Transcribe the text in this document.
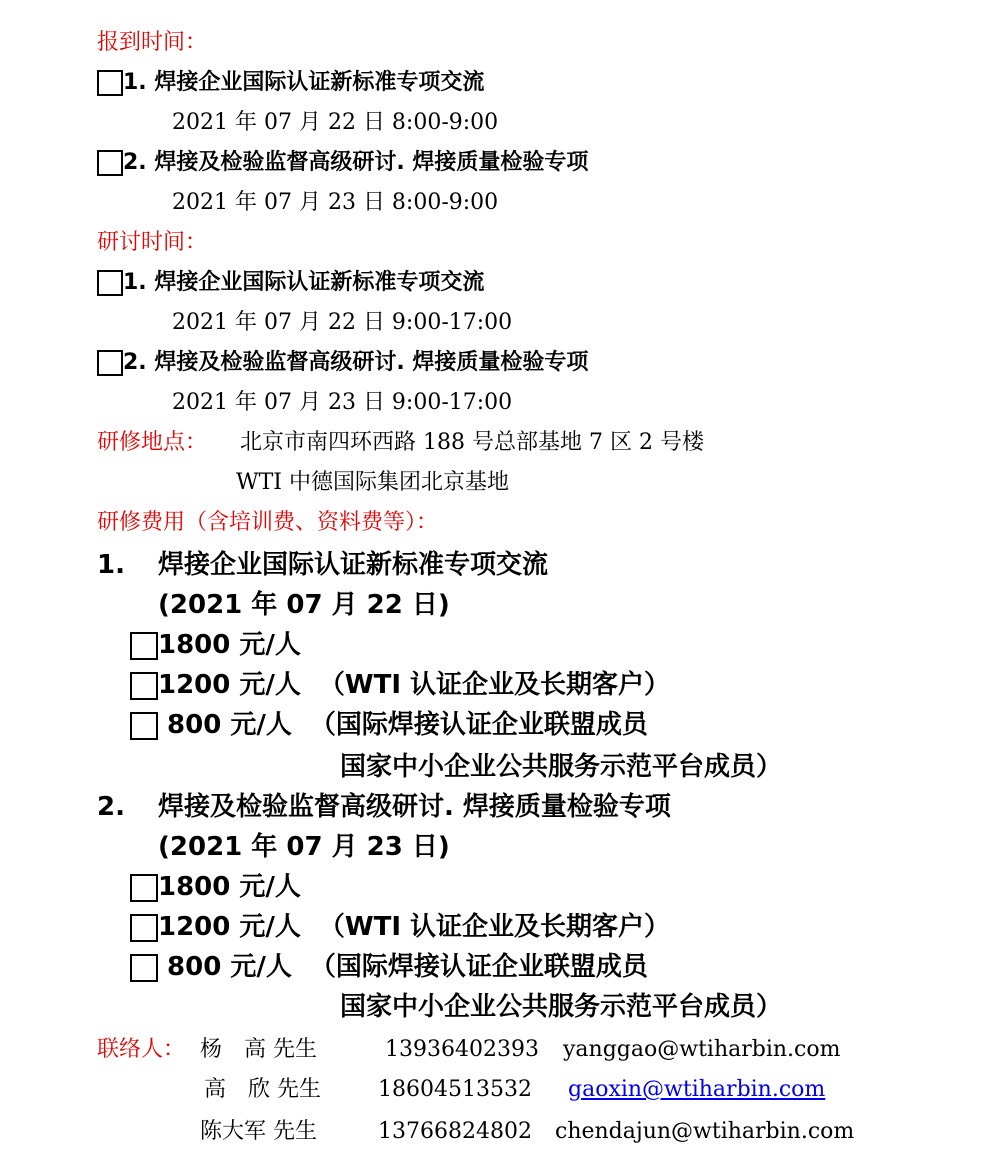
报到时间：
1. 焊接企业国际认证新标准专项交流
2021 年 07 月 22 日 8:00-9:00
2. 焊接及检验监督高级研讨. 焊接质量检验专项
2021 年 07 月 23 日 8:00-9:00
研讨时间：
1. 焊接企业国际认证新标准专项交流
2021 年 07 月 22 日 9:00-17:00
2. 焊接及检验监督高级研讨. 焊接质量检验专项
2021 年 07 月 23 日 9:00-17:00
研修地点： 北京市南四环西路 188 号总部基地 7 区 2 号楼
WTI 中德国际集团北京基地
研修费用（含培训费、资料费等）：
1. 焊接企业国际认证新标准专项交流
(2021 年 07 月 22 日)
1800 元/人
1200 元/人 （WTI 认证企业及长期客户）
800 元/人 （国际焊接认证企业联盟成员
国家中小企业公共服务示范平台成员）
2. 焊接及检验监督高级研讨. 焊接质量检验专项
(2021 年 07 月 23 日)
1800 元/人
1200 元/人 （WTI 认证企业及长期客户）
800 元/人 （国际焊接认证企业联盟成员
国家中小企业公共服务示范平台成员）
联络人： 杨　高 先生	13936402393 yanggao@wtiharbin.com
高　欣 先生	18604513532 gaoxin@wtiharbin.com
陈大军 先生	13766824802 chendajun@wtiharbin.com
